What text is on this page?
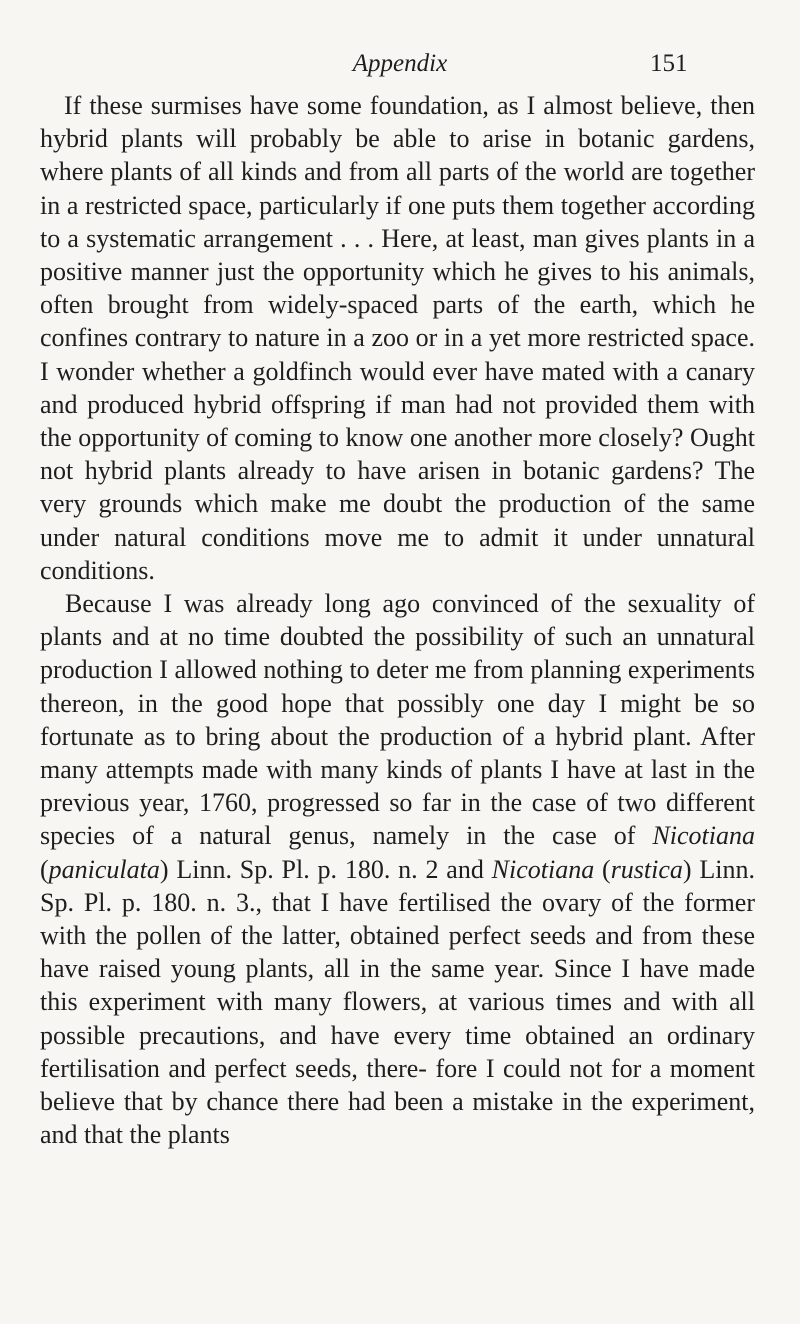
Appendix	151

If these surmises have some foundation, as I almost believe, then hybrid plants will probably be able to arise in botanic gardens, where plants of all kinds and from all parts of the world are together in a restricted space, particularly if one puts them together according to a systematic arrangement . . . Here, at least, man gives plants in a positive manner just the opportunity which he gives to his animals, often brought from widely-spaced parts of the earth, which he confines contrary to nature in a zoo or in a yet more restricted space. I wonder whether a goldfinch would ever have mated with a canary and produced hybrid offspring if man had not provided them with the opportunity of coming to know one another more closely? Ought not hybrid plants already to have arisen in botanic gardens? The very grounds which make me doubt the production of the same under natural conditions move me to admit it under unnatural conditions.

Because I was already long ago convinced of the sexuality of plants and at no time doubted the possibility of such an unnatural production I allowed nothing to deter me from planning experiments thereon, in the good hope that possibly one day I might be so fortunate as to bring about the production of a hybrid plant. After many attempts made with many kinds of plants I have at last in the previous year, 1760, progressed so far in the case of two different species of a natural genus, namely in the case of Nicotiana (paniculata) Linn. Sp. Pl. p. 180. n. 2 and Nicotiana (rustica) Linn. Sp. Pl. p. 180. n. 3., that I have fertilised the ovary of the former with the pollen of the latter, obtained perfect seeds and from these have raised young plants, all in the same year. Since I have made this experiment with many flowers, at various times and with all possible precautions, and have every time obtained an ordinary fertilisation and perfect seeds, there- fore I could not for a moment believe that by chance there had been a mistake in the experiment, and that the plants
